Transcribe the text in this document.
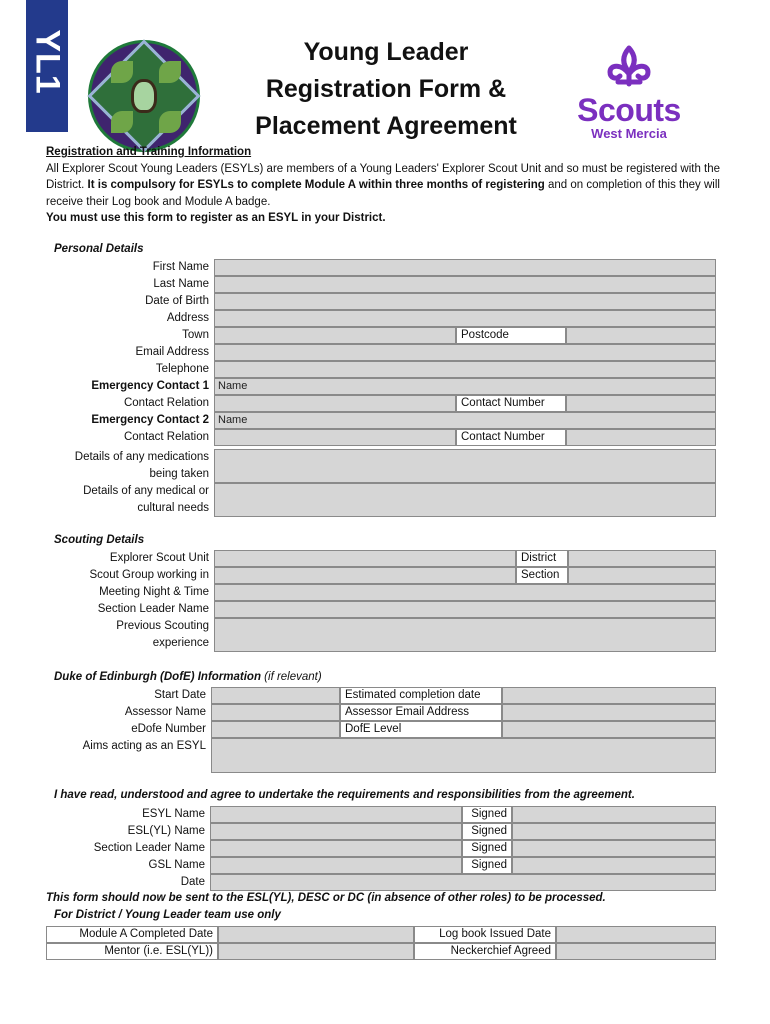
YL1	Young Leader
Registration Form &
Placement Agreement	Scouts
West Mercia
Registration and Training Information
All Explorer Scout Young Leaders (ESYLs) are members of a Young Leaders' Explorer Scout Unit and so must be registered with the District. It is compulsory for ESYLs to complete Module A within three months of registering and on completion of this they will receive their Log book and Module A badge.
You must use this form to register as an ESYL in your District.
Personal Details
First Name
Last Name
Date of Birth
Address
Town	Postcode
Email Address
Telephone
Emergency Contact 1 Name
Contact Relation	Contact Number
Emergency Contact 2 Name
Contact Relation	Contact Number
Details of any medications being taken
Details of any medical or cultural needs
Scouting Details
Explorer Scout Unit	District
Scout Group working in	Section
Meeting Night & Time
Section Leader Name
Previous Scouting experience
Duke of Edinburgh (DofE) Information (if relevant)
Start Date	Estimated completion date
Assessor Name	Assessor Email Address
eDofe Number	DofE Level
Aims acting as an ESYL
I have read, understood and agree to undertake the requirements and responsibilities from the agreement.
ESYL Name	Signed
ESL(YL) Name	Signed
Section Leader Name	Signed
GSL Name	Signed
Date
This form should now be sent to the ESL(YL), DESC or DC (in absence of other roles) to be processed.
For District / Young Leader team use only
Module A Completed Date	Log book Issued Date
Mentor (i.e. ESL(YL))	Neckerchief Agreed
